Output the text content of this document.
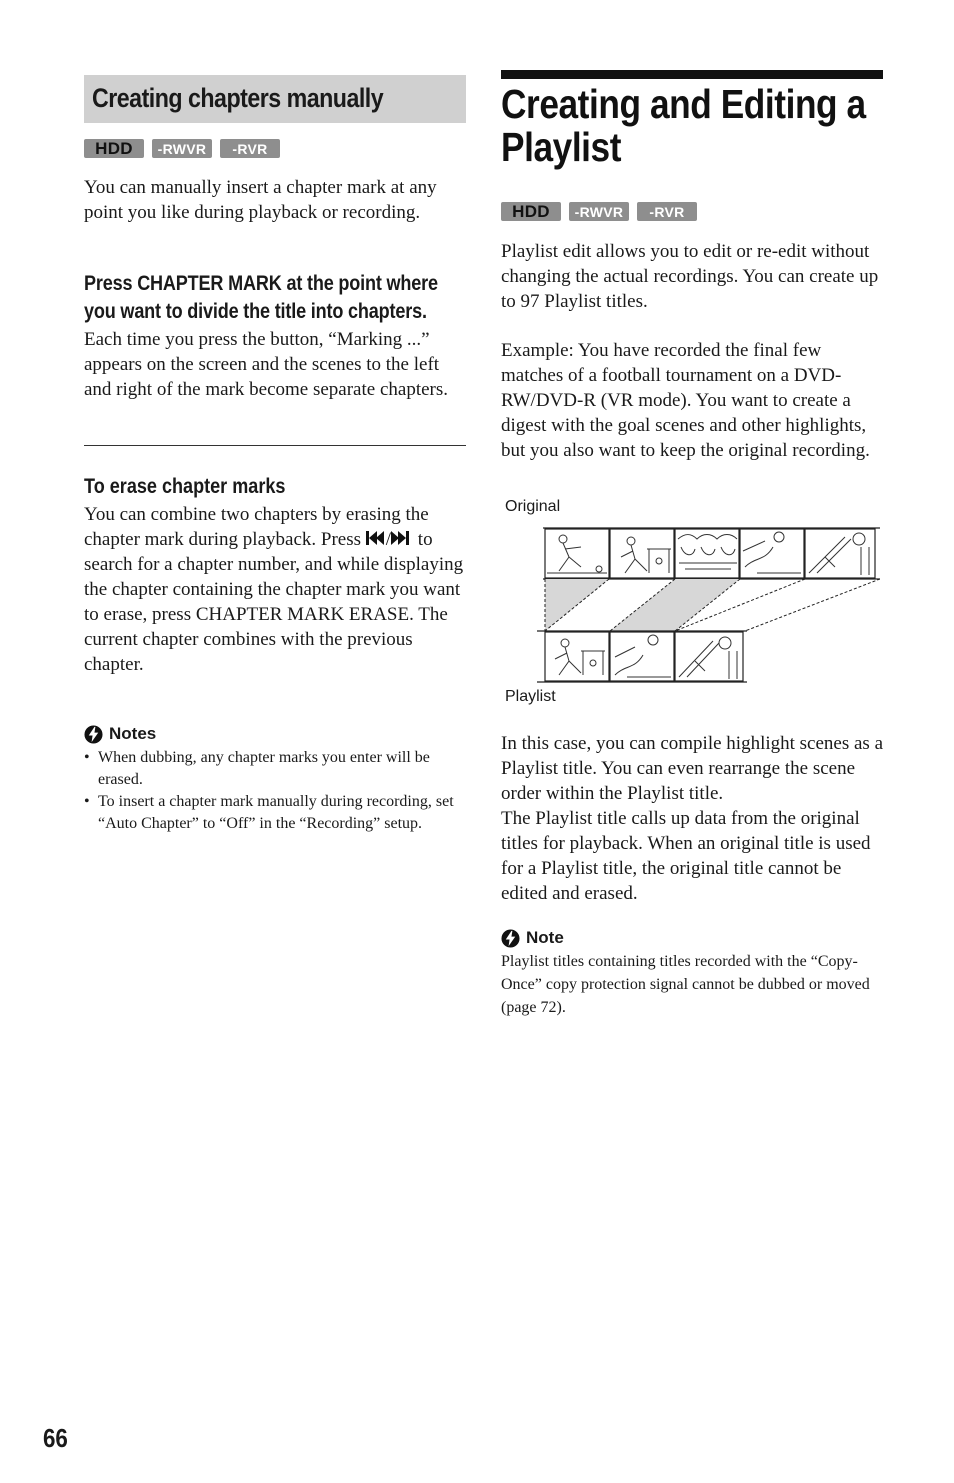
Creating chapters manually
HDD	-RWVR	-RVR

You can manually insert a chapter mark at any point you like during playback or recording.

Press CHAPTER MARK at the point where you want to divide the title into chapters.

Each time you press the button, “Marking ...” appears on the screen and the scenes to the left and right of the mark become separate chapters.

To erase chapter marks

You can combine two chapters by erasing the chapter mark during playback. Press / to search for a chapter number, and while displaying the chapter containing the chapter mark you want to erase, press CHAPTER MARK ERASE. The current chapter combines with the previous chapter.

Notes
• When dubbing, any chapter marks you enter will be erased.
• To insert a chapter mark manually during recording, set “Auto Chapter” to “Off” in the “Recording” setup.
Creating and Editing a Playlist
HDD	-RWVR	-RVR

Playlist edit allows you to edit or re-edit without changing the actual recordings. You can create up to 97 Playlist titles.

Example: You have recorded the final few matches of a football tournament on a DVD-RW/DVD-R (VR mode). You want to create a digest with the goal scenes and other highlights, but you also want to keep the original recording.

Original
Playlist

In this case, you can compile highlight scenes as a Playlist title. You can even rearrange the scene order within the Playlist title.

The Playlist title calls up data from the original titles for playback. When an original title is used for a Playlist title, the original title cannot be edited and erased.

Note

Playlist titles containing titles recorded with the “Copy-Once” copy protection signal cannot be dubbed or moved (page 72).

66
